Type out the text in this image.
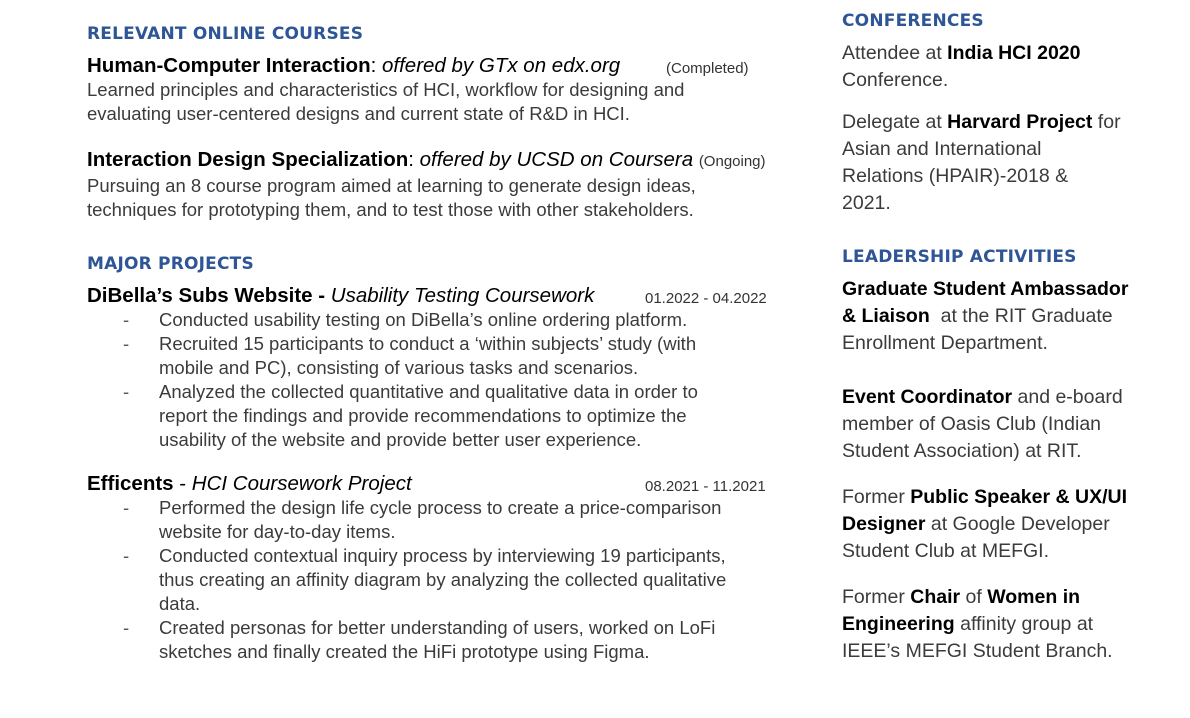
RELEVANT ONLINE COURSES
Human-Computer Interaction: offered by GTx on edx.org	(Completed)
Learned principles and characteristics of HCI, workflow for designing and
evaluating user-centered designs and current state of R&D in HCI.
Interaction Design Specialization: offered by UCSD on Coursera (Ongoing)
Pursuing an 8 course program aimed at learning to generate design ideas,
techniques for prototyping them, and to test those with other stakeholders.
MAJOR PROJECTS
DiBella’s Subs Website - Usability Testing Coursework	01.2022 - 04.2022
- Conducted usability testing on DiBella’s online ordering platform.
- Recruited 15 participants to conduct a ‘within subjects’ study (with
mobile and PC), consisting of various tasks and scenarios.
- Analyzed the collected quantitative and qualitative data in order to
report the findings and provide recommendations to optimize the
usability of the website and provide better user experience.
Efficents - HCI Coursework Project	08.2021 - 11.2021
- Performed the design life cycle process to create a price-comparison
website for day-to-day items.
- Conducted contextual inquiry process by interviewing 19 participants,
thus creating an affinity diagram by analyzing the collected qualitative
data.
- Created personas for better understanding of users, worked on LoFi
sketches and finally created the HiFi prototype using Figma.
CONFERENCES

Attendee at India HCI 2020
Conference.

Delegate at Harvard Project for
Asian and International
Relations (HPAIR)-2018 &
2021.

LEADERSHIP ACTIVITIES

Graduate Student Ambassador
& Liaison  at the RIT Graduate
Enrollment Department.

Event Coordinator and e-board
member of Oasis Club (Indian
Student Association) at RIT.

Former Public Speaker & UX/UI
Designer at Google Developer
Student Club at MEFGI.

Former Chair of Women in
Engineering affinity group at
IEEE’s MEFGI Student Branch.
